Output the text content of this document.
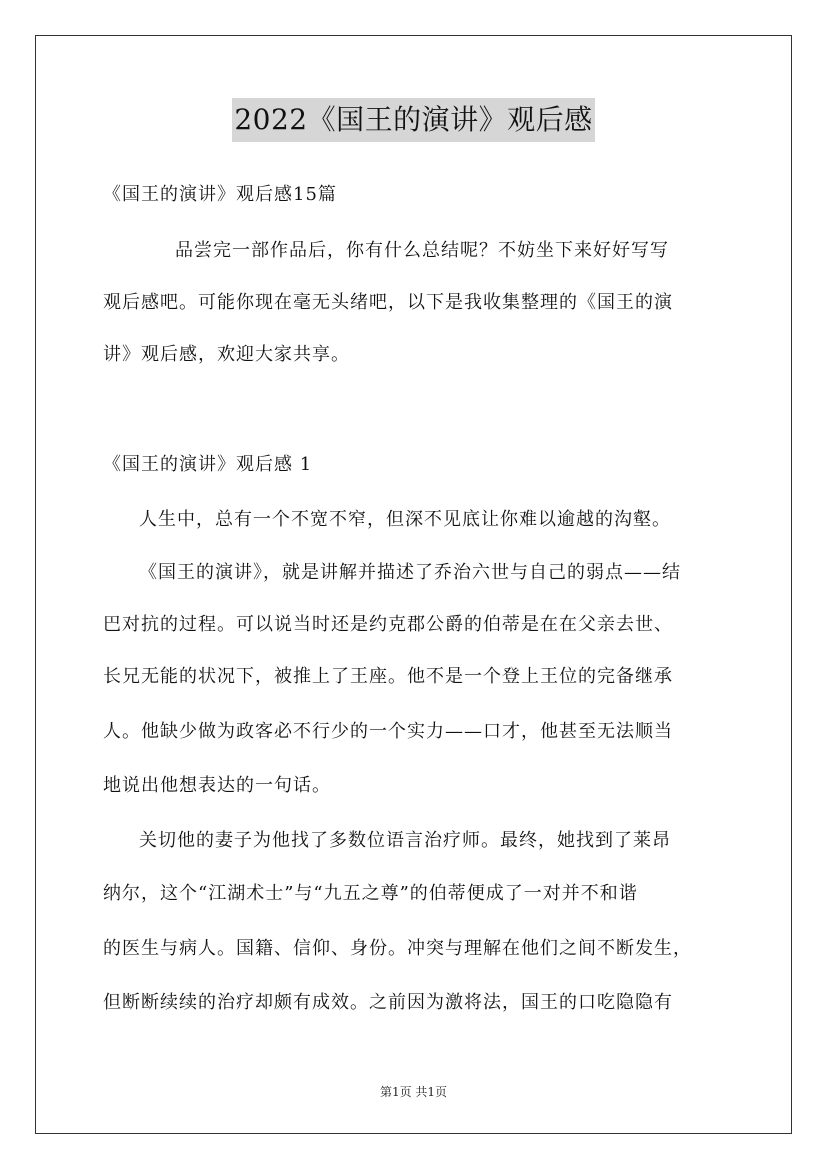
2022《国王的演讲》观后感

《国王的演讲》观后感15篇

品尝完一部作品后，你有什么总结呢？不妨坐下来好好写写

观后感吧。可能你现在毫无头绪吧，以下是我收集整理的《国王的演

讲》观后感，欢迎大家共享。

《国王的演讲》观后感 1

人生中，总有一个不宽不窄，但深不见底让你难以逾越的沟壑。

《国王的演讲》，就是讲解并描述了乔治六世与自己的弱点——结

巴对抗的过程。可以说当时还是约克郡公爵的伯蒂是在在父亲去世、

长兄无能的状况下，被推上了王座。他不是一个登上王位的完备继承

人。他缺少做为政客必不行少的一个实力——口才，他甚至无法顺当

地说出他想表达的一句话。

关切他的妻子为他找了多数位语言治疗师。最终，她找到了莱昂

纳尔，这个“江湖术士”与“九五之尊”的伯蒂便成了一对并不和谐

的医生与病人。国籍、信仰、身份。冲突与理解在他们之间不断发生，

但断断续续的治疗却颇有成效。之前因为激将法，国王的口吃隐隐有

第1页 共1页
